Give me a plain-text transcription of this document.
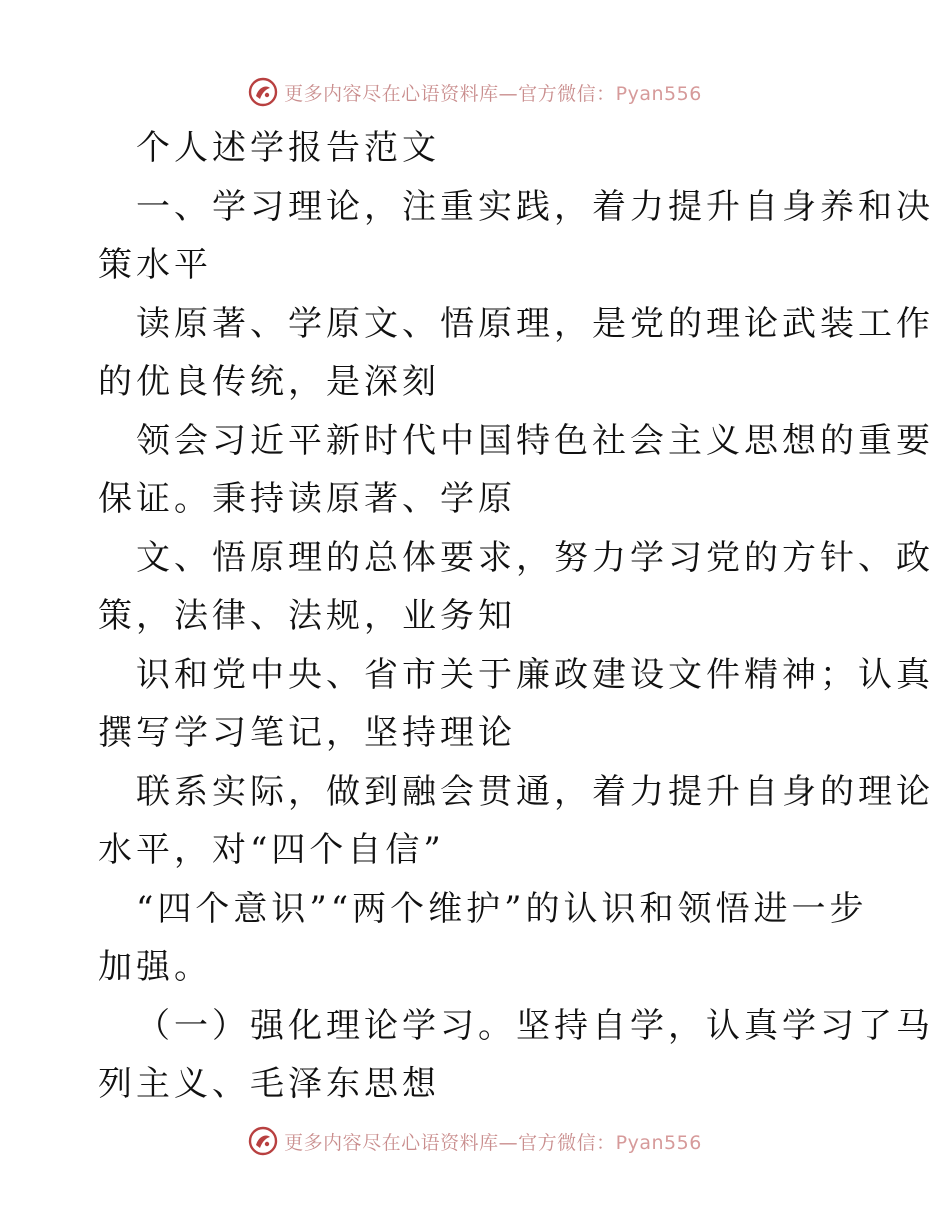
更多内容尽在心语资料库—官方微信：Pyan556
个人述学报告范文
一、学习理论，注重实践，着力提升自身养和决
策水平
读原著、学原文、悟原理，是党的理论武装工作
的优良传统，是深刻
领会习近平新时代中国特色社会主义思想的重要
保证。秉持读原著、学原
文、悟原理的总体要求，努力学习党的方针、政
策，法律、法规，业务知
识和党中央、省市关于廉政建设文件精神；认真
撰写学习笔记，坚持理论
联系实际，做到融会贯通，着力提升自身的理论
水平，对“四个自信”
“四个意识”“两个维护”的认识和领悟进一步
加强。
（一）强化理论学习。坚持自学，认真学习了马
列主义、毛泽东思想
更多内容尽在心语资料库—官方微信：Pyan556
